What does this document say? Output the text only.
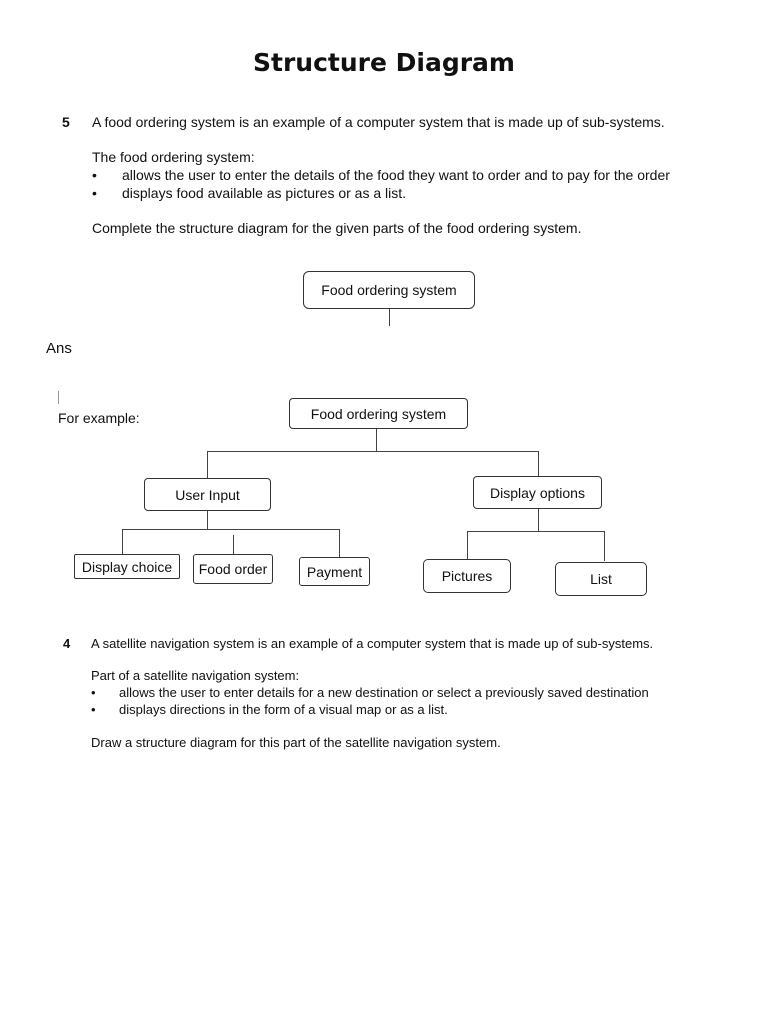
Structure Diagram
5 A food ordering system is an example of a computer system that is made up of sub-systems.
The food ordering system:
• allows the user to enter the details of the food they want to order and to pay for the order
• displays food available as pictures or as a list.
Complete the structure diagram for the given parts of the food ordering system.
Food ordering system
Ans
For example:	Food ordering system
User Input	Display options
Display choice	Food order	Payment	Pictures	List
4 A satellite navigation system is an example of a computer system that is made up of sub-systems.
Part of a satellite navigation system:
• allows the user to enter details for a new destination or select a previously saved destination
• displays directions in the form of a visual map or as a list.
Draw a structure diagram for this part of the satellite navigation system.
